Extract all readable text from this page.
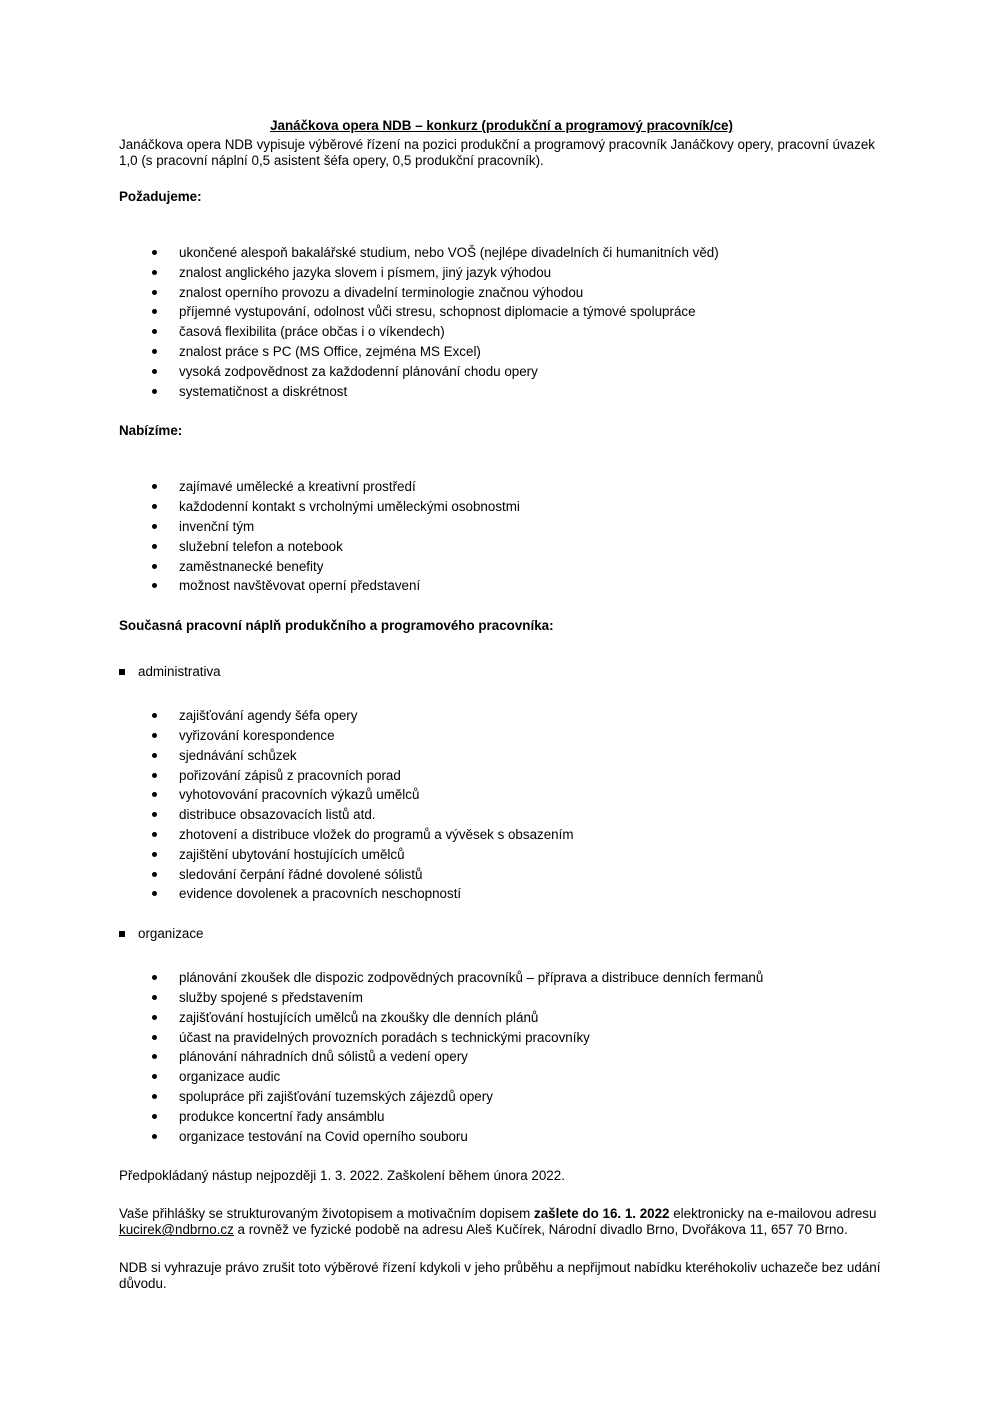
Janáčkova opera NDB – konkurz (produkční a programový pracovník/ce)

Janáčkova opera NDB vypisuje výběrové řízení na pozici produkční a programový pracovník Janáčkovy opery, pracovní úvazek 1,0 (s pracovní náplní 0,5 asistent šéfa opery, 0,5 produkční pracovník).

Požadujeme:

ukončené alespoň bakalářské studium, nebo VOŠ (nejlépe divadelních či humanitních věd)
znalost anglického jazyka slovem i písmem, jiný jazyk výhodou
znalost operního provozu a divadelní terminologie značnou výhodou
příjemné vystupování, odolnost vůči stresu, schopnost diplomacie a týmové spolupráce
časová flexibilita (práce občas i o víkendech)
znalost práce s PC (MS Office, zejména MS Excel)
vysoká zodpovědnost za každodenní plánování chodu opery
systematičnost a diskrétnost

Nabízíme:

zajímavé umělecké a kreativní prostředí
každodenní kontakt s vrcholnými uměleckými osobnostmi
invenční tým
služební telefon a notebook
zaměstnanecké benefity
možnost navštěvovat operní představení

Současná pracovní náplň produkčního a programového pracovníka:

administrativa

zajišťování agendy šéfa opery
vyřizování korespondence
sjednávání schůzek
pořizování zápisů z pracovních porad
vyhotovování pracovních výkazů umělců
distribuce obsazovacích listů atd.
zhotovení a distribuce vložek do programů a vývěsek s obsazením
zajištění ubytování hostujících umělců
sledování čerpání řádné dovolené sólistů
evidence dovolenek a pracovních neschopností

organizace

plánování zkoušek dle dispozic zodpovědných pracovníků – příprava a distribuce denních fermanů
služby spojené s představením
zajišťování hostujících umělců na zkoušky dle denních plánů
účast na pravidelných provozních poradách s technickými pracovníky
plánování náhradních dnů sólistů a vedení opery
organizace audic
spolupráce při zajišťování tuzemských zájezdů opery
produkce koncertní řady ansámblu
organizace testování na Covid operního souboru

Předpokládaný nástup nejpozději 1. 3. 2022. Zaškolení během února 2022.

Vaše přihlášky se strukturovaným životopisem a motivačním dopisem zašlete do 16. 1. 2022 elektronicky na e-mailovou adresu kucirek@ndbrno.cz a rovněž ve fyzické podobě na adresu Aleš Kučírek, Národní divadlo Brno, Dvořákova 11, 657 70 Brno.

NDB si vyhrazuje právo zrušit toto výběrové řízení kdykoli v jeho průběhu a nepřijmout nabídku kteréhokoliv uchazeče bez udání důvodu.
